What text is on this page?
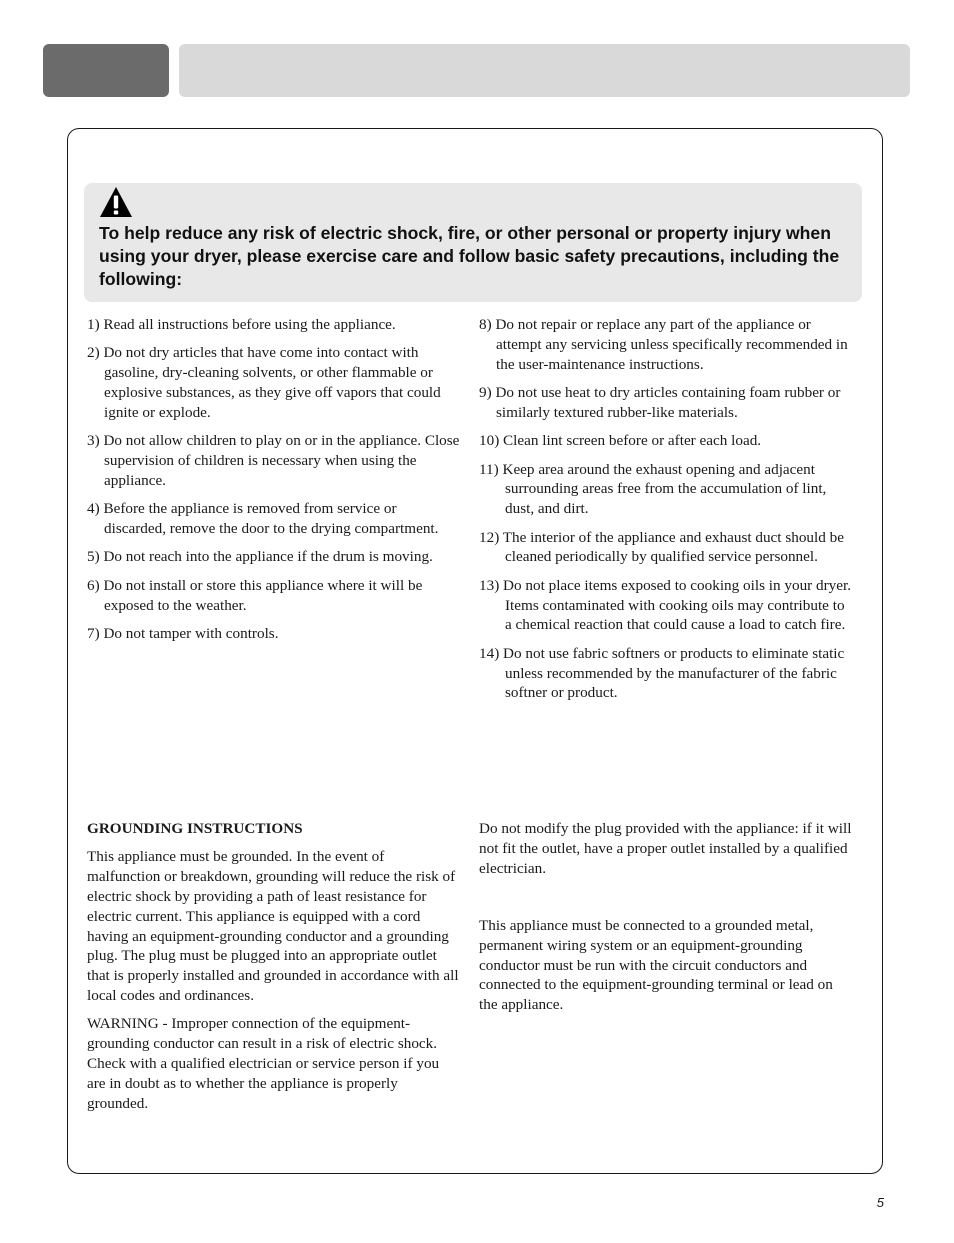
To help reduce any risk of electric shock, fire, or other personal or property injury when using your dryer, please exercise care and follow basic safety precautions, including the following:

1) Read all instructions before using the appliance.
2) Do not dry articles that have come into contact with gasoline, dry-cleaning solvents, or other flammable or explosive substances, as they give off vapors that could ignite or explode.
3) Do not allow children to play on or in the appliance. Close supervision of children is necessary when using the appliance.
4) Before the appliance is removed from service or discarded, remove the door to the drying compartment.
5) Do not reach into the appliance if the drum is moving.
6) Do not install or store this appliance where it will be exposed to the weather.
7) Do not tamper with controls.
8) Do not repair or replace any part of the appliance or attempt any servicing unless specifically recommended in the user-maintenance instructions.
9) Do not use heat to dry articles containing foam rubber or similarly textured rubber-like materials.
10) Clean lint screen before or after each load.
11) Keep area around the exhaust opening and adjacent surrounding areas free from the accumulation of lint, dust, and dirt.
12) The interior of the appliance and exhaust duct should be cleaned periodically by qualified service personnel.
13) Do not place items exposed to cooking oils in your dryer. Items contaminated with cooking oils may contribute to a chemical reaction that could cause a load to catch fire.
14) Do not use fabric softners or products to eliminate static unless recommended by the manufacturer of the fabric softner or product.

GROUNDING INSTRUCTIONS

This appliance must be grounded. In the event of malfunction or breakdown, grounding will reduce the risk of electric shock by providing a path of least resistance for electric current. This appliance is equipped with a cord having an equipment-grounding conductor and a grounding plug. The plug must be plugged into an appropriate outlet that is properly installed and grounded in accordance with all local codes and ordinances.

WARNING - Improper connection of the equipment-grounding conductor can result in a risk of electric shock. Check with a qualified electrician or service person if you are in doubt as to whether the appliance is properly grounded.

Do not modify the plug provided with the appliance: if it will not fit the outlet, have a proper outlet installed by a qualified electrician.

This appliance must be connected to a grounded metal, permanent wiring system or an equipment-grounding conductor must be run with the circuit conductors and connected to the equipment-grounding terminal or lead on the appliance.

5
